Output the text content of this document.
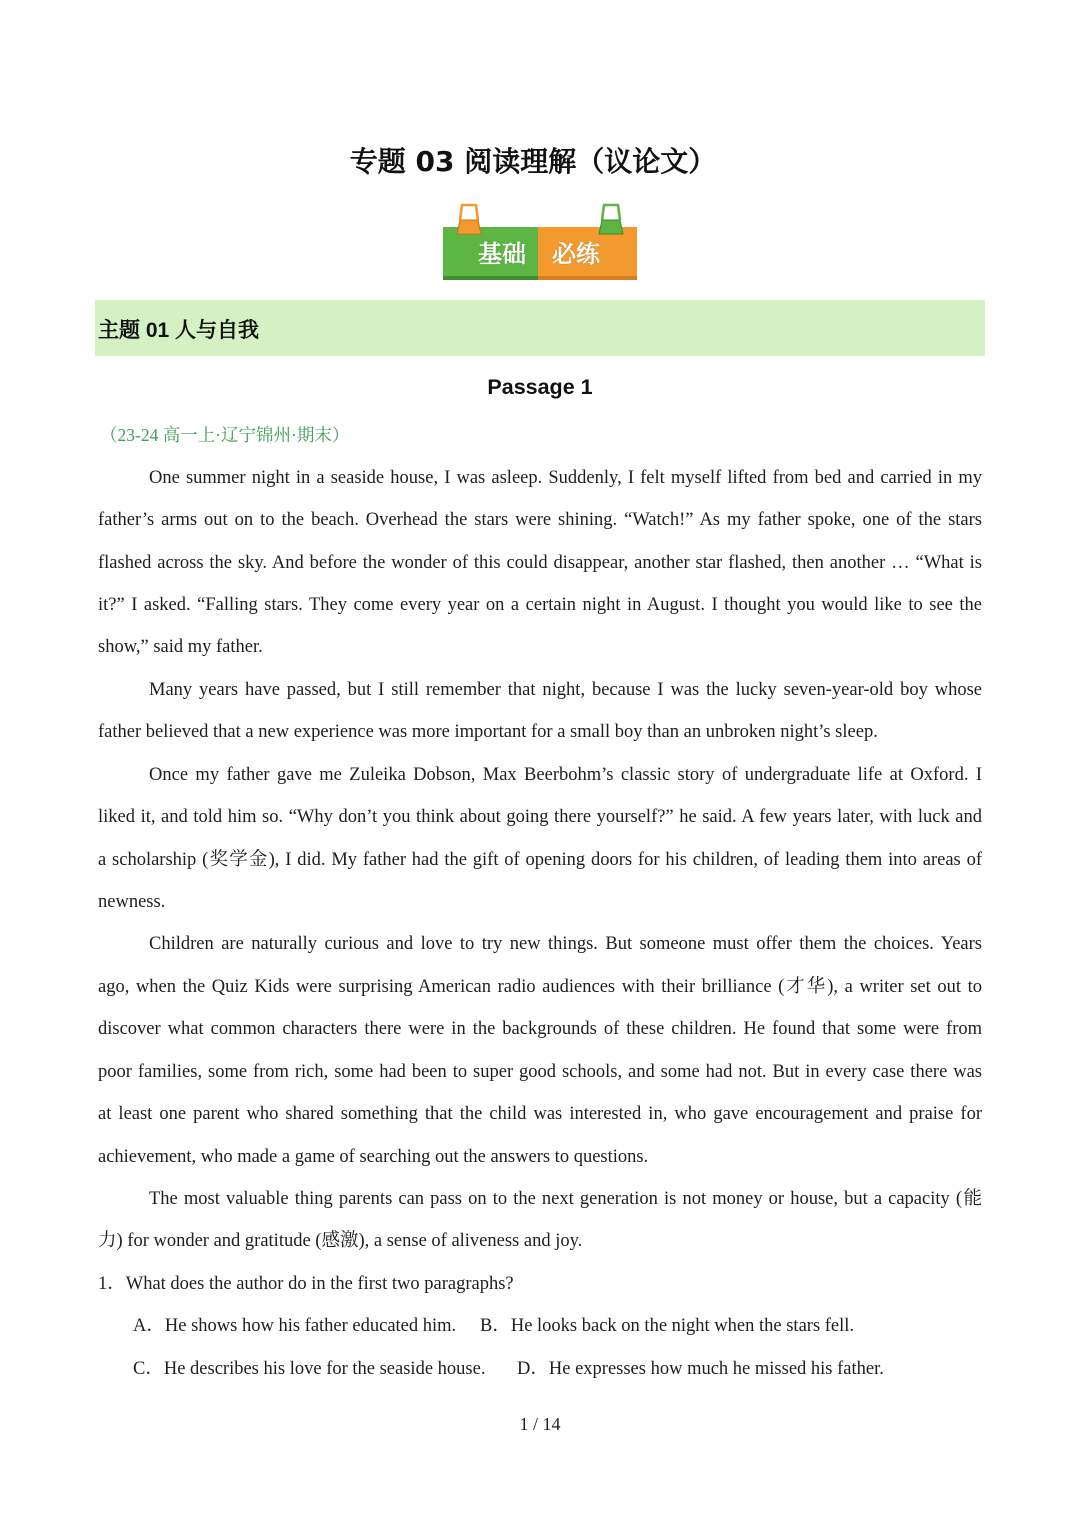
专题 03 阅读理解（议论文）
基础 必练
主题 01 人与自我
Passage 1
（23-24 高一上·辽宁锦州·期末）
One summer night in a seaside house, I was asleep. Suddenly, I felt myself lifted from bed and carried in my
father’s arms out on to the beach. Overhead the stars were shining. “Watch!” As my father spoke, one of the stars
flashed across the sky. And before the wonder of this could disappear, another star flashed, then another … “What is
it?” I asked. “Falling stars. They come every year on a certain night in August. I thought you would like to see the
show,” said my father.
Many years have passed, but I still remember that night, because I was the lucky seven-year-old boy whose
father believed that a new experience was more important for a small boy than an unbroken night’s sleep.
Once my father gave me Zuleika Dobson, Max Beerbohm’s classic story of undergraduate life at Oxford. I
liked it, and told him so. “Why don’t you think about going there yourself?” he said. A few years later, with luck and
a scholarship (奖学金), I did. My father had the gift of opening doors for his children, of leading them into areas of
newness.
Children are naturally curious and love to try new things. But someone must offer them the choices. Years
ago, when the Quiz Kids were surprising American radio audiences with their brilliance (才华), a writer set out to
discover what common characters there were in the backgrounds of these children. He found that some were from
poor families, some from rich, some had been to super good schools, and some had not. But in every case there was
at least one parent who shared something that the child was interested in, who gave encouragement and praise for
achievement, who made a game of searching out the answers to questions.
The most valuable thing parents can pass on to the next generation is not money or house, but a capacity (能
力) for wonder and gratitude (感激), a sense of aliveness and joy.
1．What does the author do in the first two paragraphs?
A．He shows how his father educated him. B．He looks back on the night when the stars fell.
C．He describes his love for the seaside house. D．He expresses how much he missed his father.
1 / 14
